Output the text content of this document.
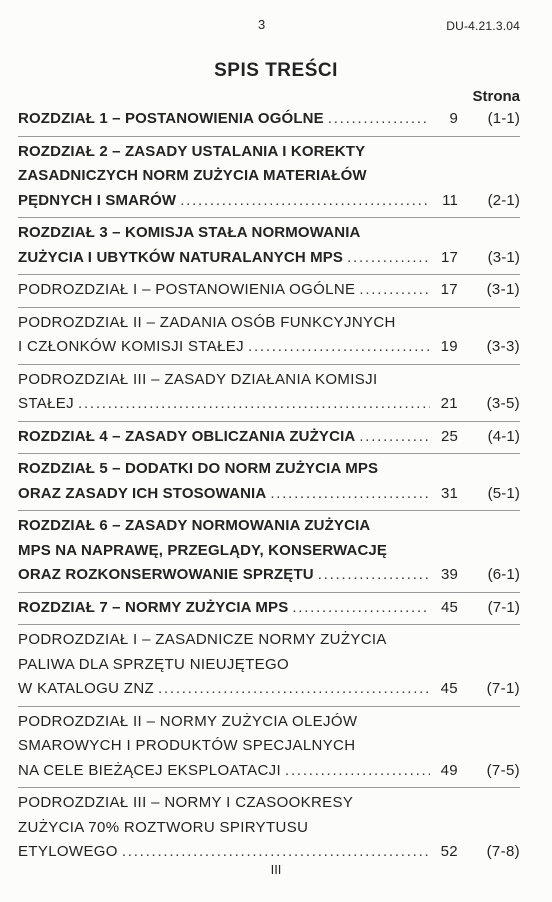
3	DU-4.21.3.04
SPIS TREŚCI
Strona
ROZDZIAŁ 1 – POSTANOWIENIA OGÓLNE . . .	9	(1-1)
ROZDZIAŁ 2 – ZASADY USTALANIA I KOREKTY
ZASADNICZYCH NORM ZUŻYCIA MATERIAŁÓW
PĘDNYCH I SMARÓW . . .	11	(2-1)
ROZDZIAŁ 3 – KOMISJA STAŁA NORMOWANIA
ZUŻYCIA I UBYTKÓW NATURALANYCH MPS . . .	17	(3-1)
PODROZDZIAŁ I – POSTANOWIENIA OGÓLNE . . .	17	(3-1)
PODROZDZIAŁ II – ZADANIA OSÓB FUNKCYJNYCH
I CZŁONKÓW KOMISJI STAŁEJ . . .	19	(3-3)
PODROZDZIAŁ III – ZASADY DZIAŁANIA KOMISJI
STAŁEJ . . .	21	(3-5)
ROZDZIAŁ 4 – ZASADY OBLICZANIA ZUŻYCIA . . .	25	(4-1)
ROZDZIAŁ 5 – DODATKI DO NORM ZUŻYCIA MPS
ORAZ ZASADY ICH STOSOWANIA . . .	31	(5-1)
ROZDZIAŁ 6 – ZASADY NORMOWANIA ZUŻYCIA
MPS NA NAPRAWĘ, PRZEGLĄDY, KONSERWACJĘ
ORAZ ROZKONSERWOWANIE SPRZĘTU . . .	39	(6-1)
ROZDZIAŁ 7 – NORMY ZUŻYCIA MPS . . .	45	(7-1)
PODROZDZIAŁ I – ZASADNICZE NORMY ZUŻYCIA
PALIWA DLA SPRZĘTU NIEUJĘTEGO
W KATALOGU ZNZ . . .	45	(7-1)
PODROZDZIAŁ II – NORMY ZUŻYCIA OLEJÓW
SMAROWYCH I PRODUKTÓW SPECJALNYCH
NA CELE BIEŻĄCEJ EKSPLOATACJI . . .	49	(7-5)
PODROZDZIAŁ III – NORMY I CZASOOKRESY
ZUŻYCIA 70% ROZTWORU SPIRYTUSU
ETYLOWEGO . . .	52	(7-8)
III
